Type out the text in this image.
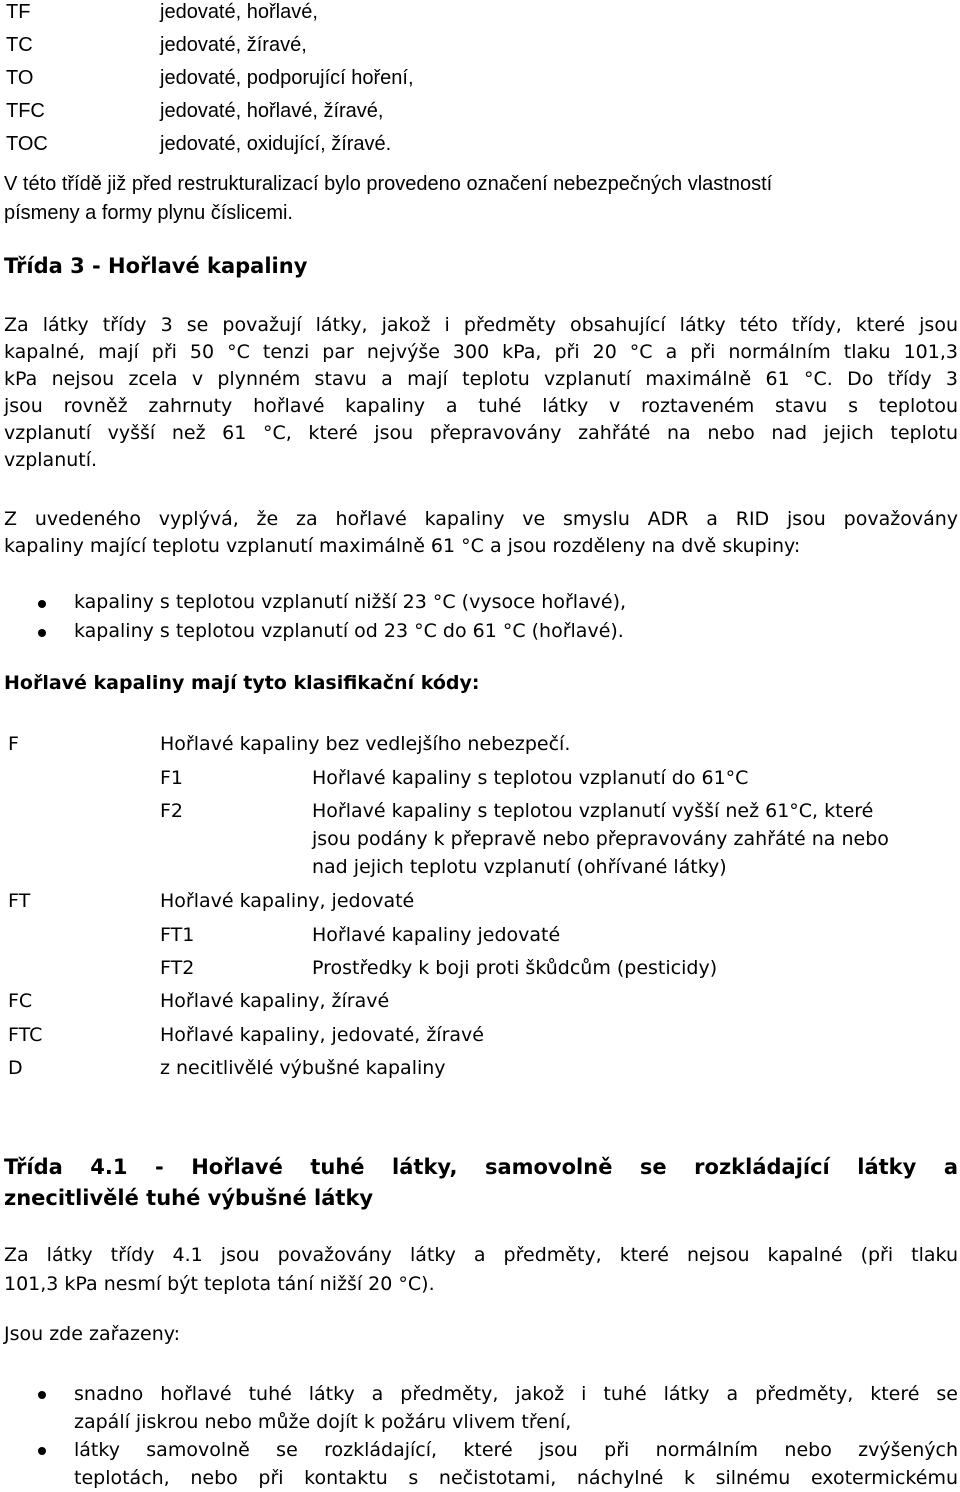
TF	jedovaté, hořlavé,
TC	jedovaté, žíravé,
TO	jedovaté, podporující hoření,
TFC	jedovaté, hořlavé, žíravé,
TOC	jedovaté, oxidující, žíravé.
V této třídě již před restrukturalizací bylo provedeno označení nebezpečných vlastností
písmeny a formy plynu číslicemi.
Třída 3 - Hořlavé kapaliny
Za látky třídy 3 se považují látky, jakož i předměty obsahující látky této třídy, které jsou
kapalné, mají při 50 °C tenzi par nejvýše 300 kPa, při 20 °C a při normálním tlaku 101,3
kPa nejsou zcela v plynném stavu a mají teplotu vzplanutí maximálně 61 °C. Do třídy 3
jsou rovněž zahrnuty hořlavé kapaliny a tuhé látky v roztaveném stavu s teplotou
vzplanutí vyšší než 61 °C, které jsou přepravovány zahřáté na nebo nad jejich teplotu
vzplanutí.
Z uvedeného vyplývá, že za hořlavé kapaliny ve smyslu ADR a RID jsou považovány
kapaliny mající teplotu vzplanutí maximálně 61 °C a jsou rozděleny na dvě skupiny:
kapaliny s teplotou vzplanutí nižší 23 °C (vysoce hořlavé),
kapaliny s teplotou vzplanutí od 23 °C do 61 °C (hořlavé).
Hořlavé kapaliny mají tyto klasifikační kódy:
F	Hořlavé kapaliny bez vedlejšího nebezpečí.
F1	Hořlavé kapaliny s teplotou vzplanutí do 61°C
F2	Hořlavé kapaliny s teplotou vzplanutí vyšší než 61°C, které
jsou podány k přepravě nebo přepravovány zahřáté na nebo
nad jejich teplotu vzplanutí (ohřívané látky)
FT	Hořlavé kapaliny, jedovaté
FT1	Hořlavé kapaliny jedovaté
FT2	Prostředky k boji proti škůdcům (pesticidy)
FC	Hořlavé kapaliny, žíravé
FTC	Hořlavé kapaliny, jedovaté, žíravé
D	z necitlivělé výbušné kapaliny
Třída 4.1 - Hořlavé tuhé látky, samovolně se rozkládající látky a
znecitlivělé tuhé výbušné látky
Za látky třídy 4.1 jsou považovány látky a předměty, které nejsou kapalné (při tlaku
101,3 kPa nesmí být teplota tání nižší 20 °C).
Jsou zde zařazeny:
snadno hořlavé tuhé látky a předměty, jakož i tuhé látky a předměty, které se
zapálí jiskrou nebo může dojít k požáru vlivem tření,
látky samovolně se rozkládající, které jsou při normálním nebo zvýšených
teplotách, nebo při kontaktu s nečistotami, náchylné k silnému exotermickému
